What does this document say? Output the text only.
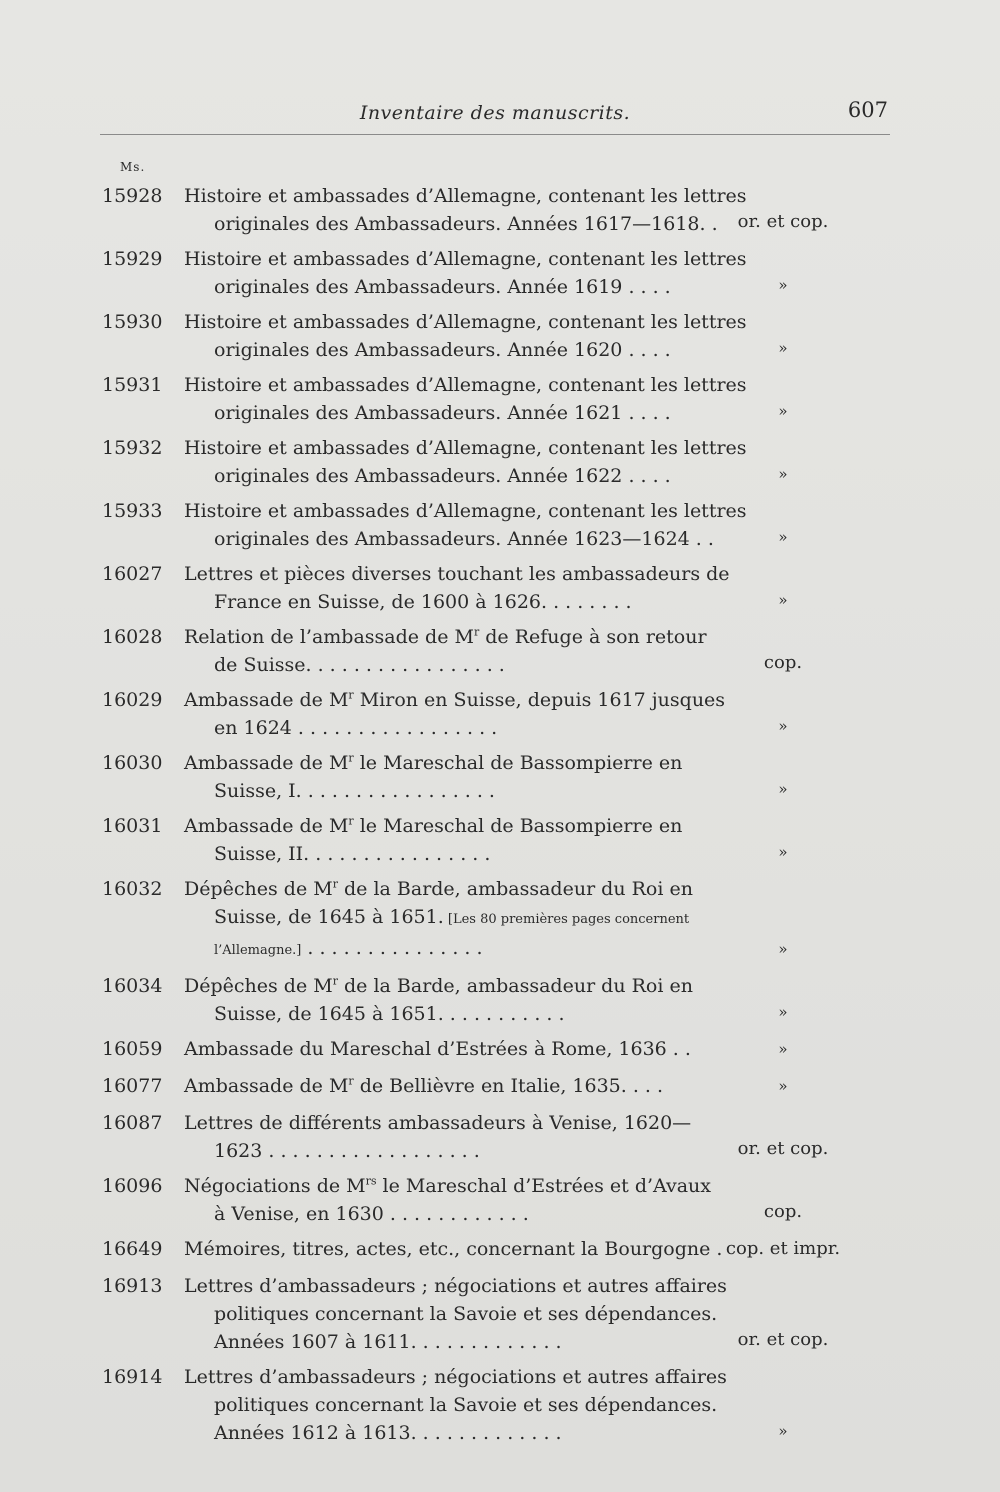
Inventaire des manuscrits.	607
Ms.
15928	Histoire et ambassades d’Allemagne, contenant les lettres
originales des Ambassadeurs. Années 1617—1618. .	or. et cop.
15929	Histoire et ambassades d’Allemagne, contenant les lettres
originales des Ambassadeurs. Année 1619 . . . .	»
15930	Histoire et ambassades d’Allemagne, contenant les lettres
originales des Ambassadeurs. Année 1620 . . . .	»
15931	Histoire et ambassades d’Allemagne, contenant les lettres
originales des Ambassadeurs. Année 1621 . . . .	»
15932	Histoire et ambassades d’Allemagne, contenant les lettres
originales des Ambassadeurs. Année 1622 . . . .	»
15933	Histoire et ambassades d’Allemagne, contenant les lettres
originales des Ambassadeurs. Année 1623—1624 . .	»
16027	Lettres et pièces diverses touchant les ambassadeurs de
France en Suisse, de 1600 à 1626. . . . . . . .	»
16028	Relation de l’ambassade de $M^r$ de Refuge à son retour
de Suisse. . . . . . . . . . . . . . . . .	cop.
16029	Ambassade de $M^r$ Miron en Suisse, depuis 1617 jusques
en 1624 . . . . . . . . . . . . . . . . .	»
16030	Ambassade de $M^r$ le Mareschal de Bassompierre en
Suisse, I. . . . . . . . . . . . . . . . .	»
16031	Ambassade de $M^r$ le Mareschal de Bassompierre en
Suisse, II. . . . . . . . . . . . . . . .	»
16032	Dépêches de $M^r$ de la Barde, ambassadeur du Roi en
Suisse, de 1645 à 1651. [Les 80 premières pages concernent
l’Allemagne.] . . . . . . . . . . . . . . .	»
16034	Dépêches de $M^r$ de la Barde, ambassadeur du Roi en
Suisse, de 1645 à 1651. . . . . . . . . . .	»
16059	Ambassade du Mareschal d’Estrées à Rome, 1636 . .	»
16077	Ambassade de $M^r$ de Bellièvre en Italie, 1635. . . .	»
16087	Lettres de différents ambassadeurs à Venise, 1620—
1623 . . . . . . . . . . . . . . . . . .	or. et cop.
16096	Négociations de $M^{rs}$ le Mareschal d’Estrées et d’Avaux
à Venise, en 1630 . . . . . . . . . . . .	cop.
16649	Mémoires, titres, actes, etc., concernant la Bourgogne . cop. et impr.
16913	Lettres d’ambassadeurs ; négociations et autres affaires
politiques concernant la Savoie et ses dépendances.
Années 1607 à 1611. . . . . . . . . . . . .	or. et cop.
16914	Lettres d’ambassadeurs ; négociations et autres affaires
politiques concernant la Savoie et ses dépendances.
Années 1612 à 1613. . . . . . . . . . . . .	»
